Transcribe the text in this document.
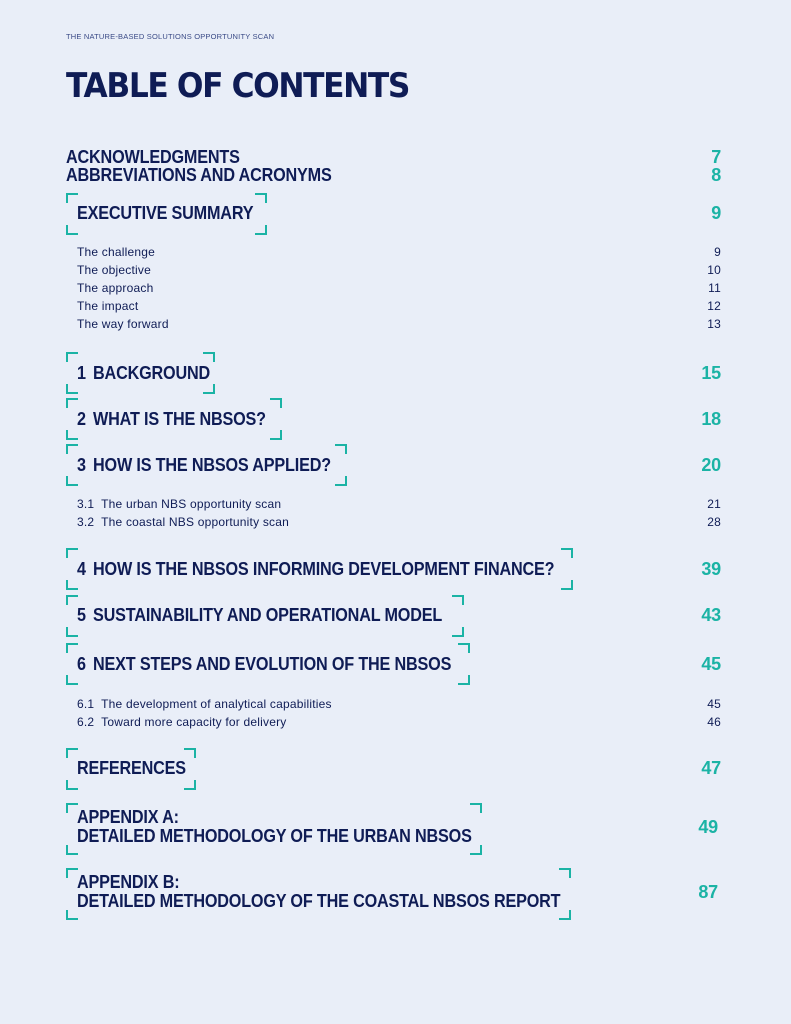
THE NATURE-BASED SOLUTIONS OPPORTUNITY SCAN
TABLE OF CONTENTS
ACKNOWLEDGMENTS	7
ABBREVIATIONS AND ACRONYMS	8
EXECUTIVE SUMMARY	9
The challenge	9
The objective	10
The approach	11
The impact	12
The way forward	13
1 BACKGROUND	15
2 WHAT IS THE NBSOS?	18
3 HOW IS THE NBSOS APPLIED?	20
3.1  The urban NBS opportunity scan	21
3.2  The coastal NBS opportunity scan	28
4 HOW IS THE NBSOS INFORMING DEVELOPMENT FINANCE?	39
5 SUSTAINABILITY AND OPERATIONAL MODEL	43
6 NEXT STEPS AND EVOLUTION OF THE NBSOS	45
6.1  The development of analytical capabilities	45
6.2  Toward more capacity for delivery	46
REFERENCES	47
APPENDIX A:
DETAILED METHODOLOGY OF THE URBAN NBSOS	49
APPENDIX B:
DETAILED METHODOLOGY OF THE COASTAL NBSOS REPORT	87
